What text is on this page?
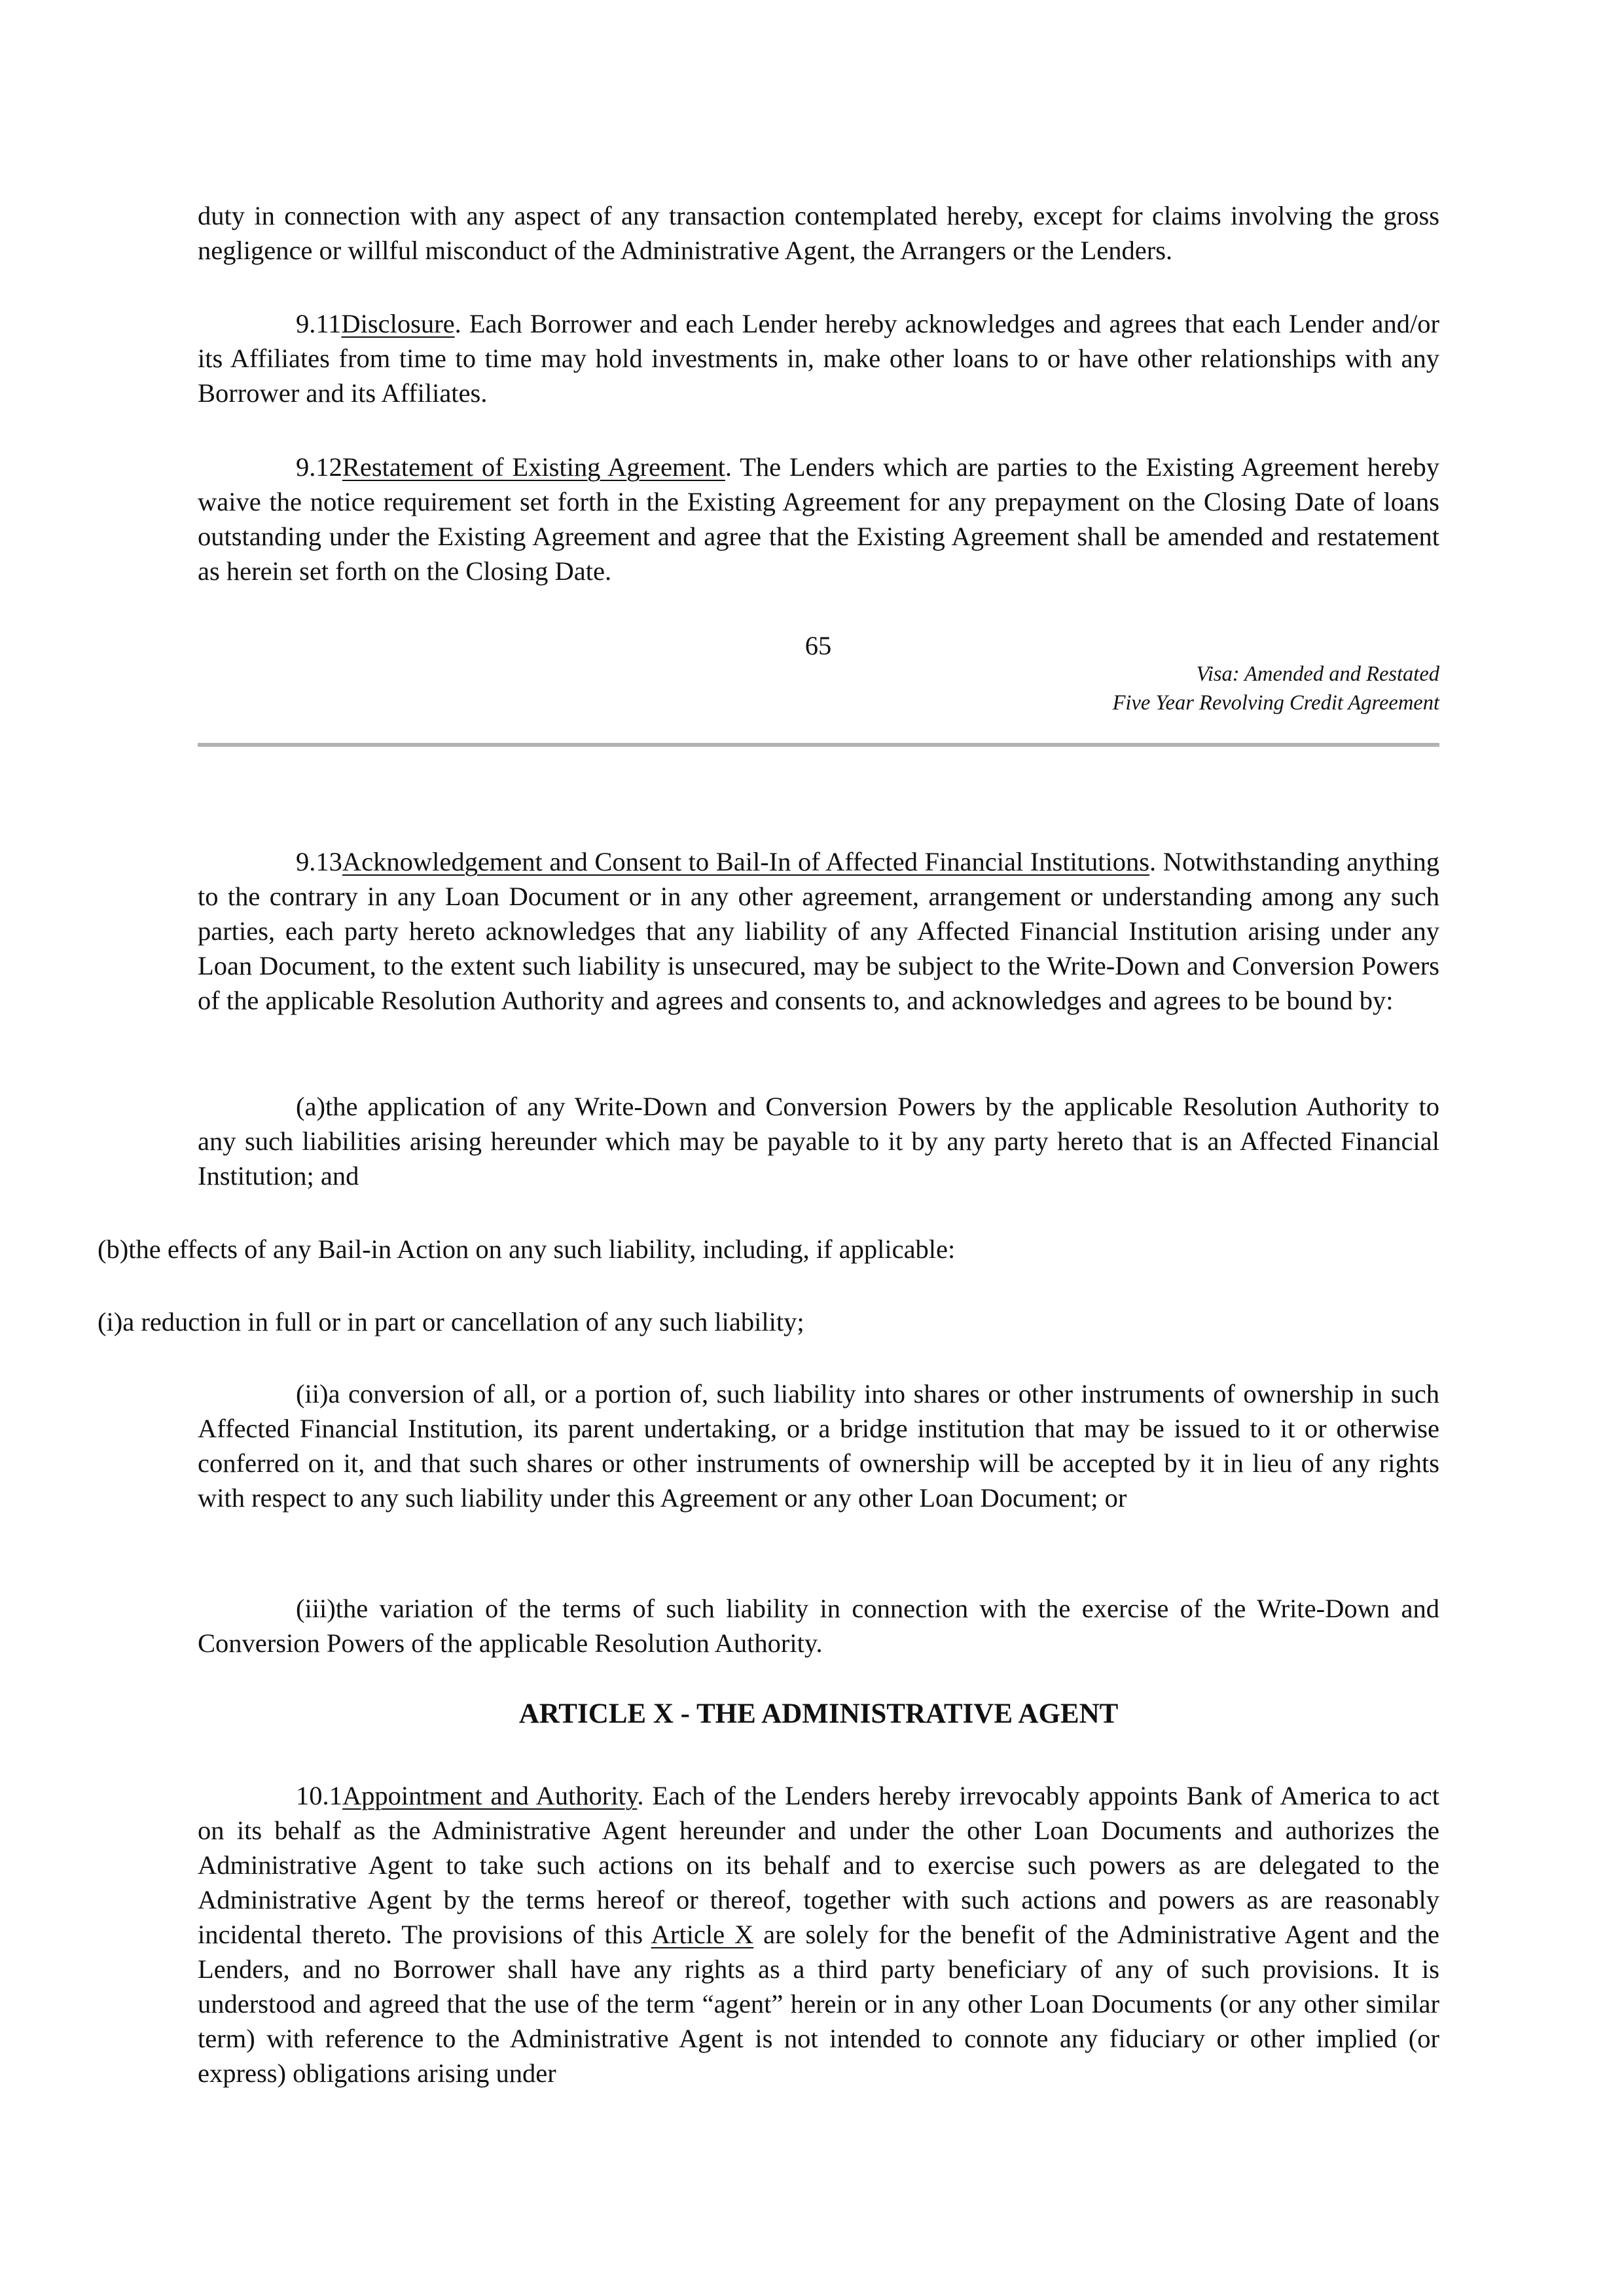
duty in connection with any aspect of any transaction contemplated hereby, except for claims involving the gross negligence or willful misconduct of the Administrative Agent, the Arrangers or the Lenders.

9.11Disclosure. Each Borrower and each Lender hereby acknowledges and agrees that each Lender and/or its Affiliates from time to time may hold investments in, make other loans to or have other relationships with any Borrower and its Affiliates.

9.12Restatement of Existing Agreement. The Lenders which are parties to the Existing Agreement hereby waive the notice requirement set forth in the Existing Agreement for any prepayment on the Closing Date of loans outstanding under the Existing Agreement and agree that the Existing Agreement shall be amended and restatement as herein set forth on the Closing Date.

65

Visa: Amended and Restated

Five Year Revolving Credit Agreement

9.13Acknowledgement and Consent to Bail-In of Affected Financial Institutions. Notwithstanding anything to the contrary in any Loan Document or in any other agreement, arrangement or understanding among any such parties, each party hereto acknowledges that any liability of any Affected Financial Institution arising under any Loan Document, to the extent such liability is unsecured, may be subject to the Write-Down and Conversion Powers of the applicable Resolution Authority and agrees and consents to, and acknowledges and agrees to be bound by:

(a)the application of any Write-Down and Conversion Powers by the applicable Resolution Authority to any such liabilities arising hereunder which may be payable to it by any party hereto that is an Affected Financial Institution; and

(b)the effects of any Bail-in Action on any such liability, including, if applicable:

(i)a reduction in full or in part or cancellation of any such liability;

(ii)a conversion of all, or a portion of, such liability into shares or other instruments of ownership in such Affected Financial Institution, its parent undertaking, or a bridge institution that may be issued to it or otherwise conferred on it, and that such shares or other instruments of ownership will be accepted by it in lieu of any rights with respect to any such liability under this Agreement or any other Loan Document; or

(iii)the variation of the terms of such liability in connection with the exercise of the Write-Down and Conversion Powers of the applicable Resolution Authority.

ARTICLE X - THE ADMINISTRATIVE AGENT

10.1Appointment and Authority. Each of the Lenders hereby irrevocably appoints Bank of America to act on its behalf as the Administrative Agent hereunder and under the other Loan Documents and authorizes the Administrative Agent to take such actions on its behalf and to exercise such powers as are delegated to the Administrative Agent by the terms hereof or thereof, together with such actions and powers as are reasonably incidental thereto. The provisions of this Article X are solely for the benefit of the Administrative Agent and the Lenders, and no Borrower shall have any rights as a third party beneficiary of any of such provisions. It is understood and agreed that the use of the term “agent” herein or in any other Loan Documents (or any other similar term) with reference to the Administrative Agent is not intended to connote any fiduciary or other implied (or express) obligations arising under
